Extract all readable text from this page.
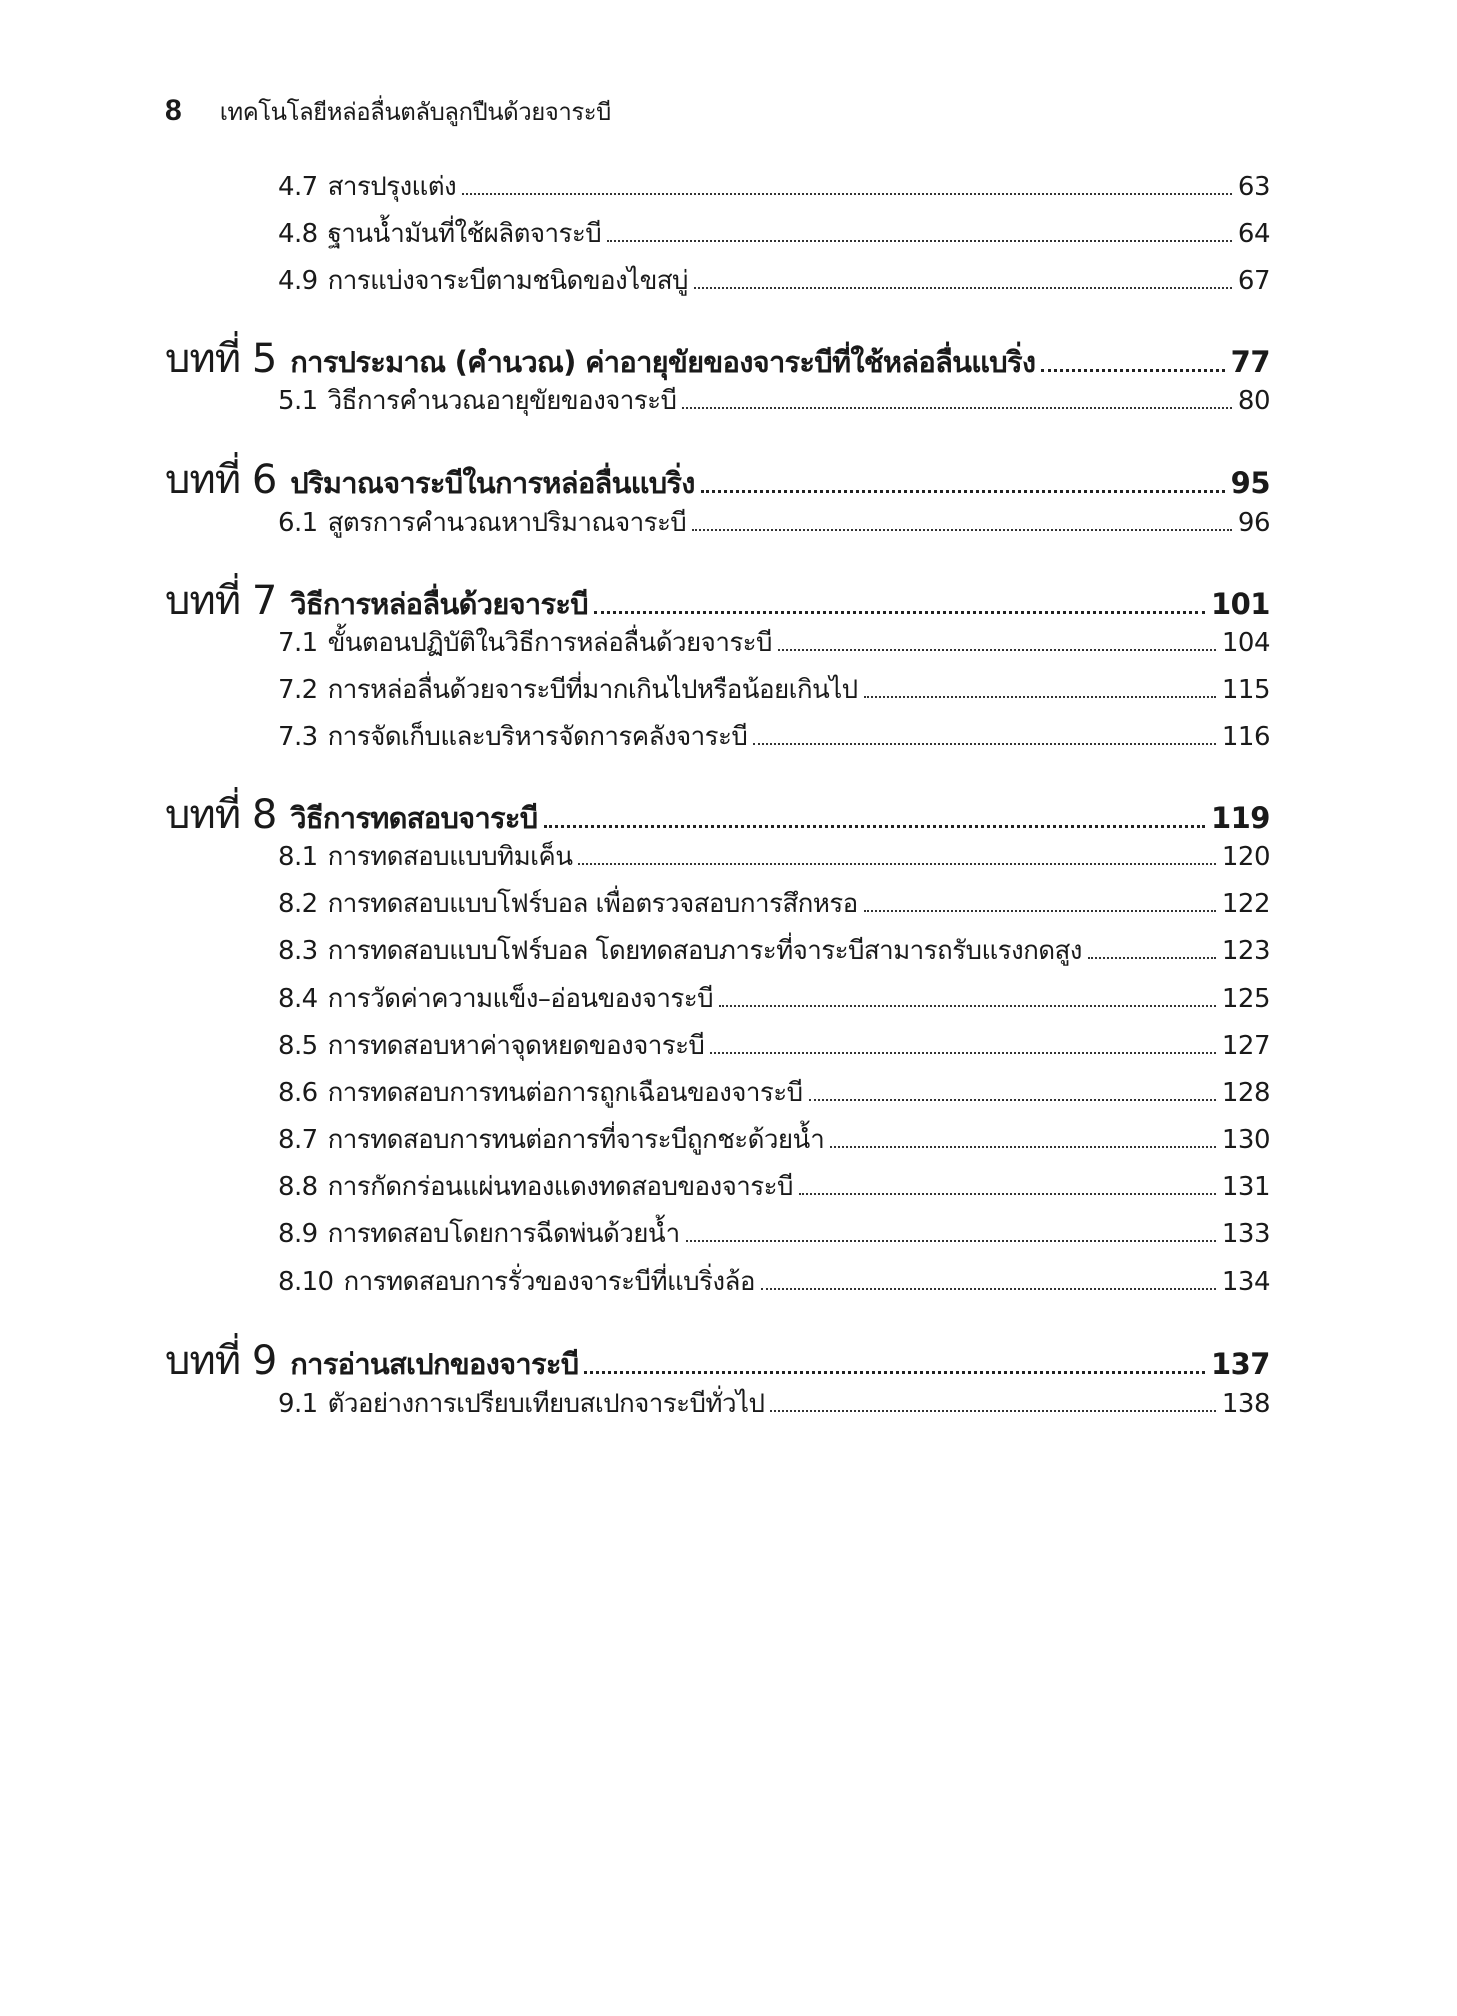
8 เทคโนโลยีหล่อลื่นตลับลูกปืนด้วยจาระบี
4.7 สารปรุงแต่ง	63
4.8 ฐานน้ำมันที่ใช้ผลิตจาระบี	64
4.9 การแบ่งจาระบีตามชนิดของไขสบู่	67
บทที่ 5 การประมาณ (คำนวณ) ค่าอายุขัยของจาระบีที่ใช้หล่อลื่นแบริ่ง	77
5.1 วิธีการคำนวณอายุขัยของจาระบี	80
บทที่ 6 ปริมาณจาระบีในการหล่อลื่นแบริ่ง	95
6.1 สูตรการคำนวณหาปริมาณจาระบี	96
บทที่ 7 วิธีการหล่อลื่นด้วยจาระบี	101
7.1 ขั้นตอนปฏิบัติในวิธีการหล่อลื่นด้วยจาระบี	104
7.2 การหล่อลื่นด้วยจาระบีที่มากเกินไปหรือน้อยเกินไป	115
7.3 การจัดเก็บและบริหารจัดการคลังจาระบี	116
บทที่ 8 วิธีการทดสอบจาระบี	119
8.1 การทดสอบแบบทิมเค็น	120
8.2 การทดสอบแบบโฟร์บอล เพื่อตรวจสอบการสึกหรอ	122
8.3 การทดสอบแบบโฟร์บอล โดยทดสอบภาระที่จาระบีสามารถรับแรงกดสูง	123
8.4 การวัดค่าความแข็ง–อ่อนของจาระบี	125
8.5 การทดสอบหาค่าจุดหยดของจาระบี	127
8.6 การทดสอบการทนต่อการถูกเฉือนของจาระบี	128
8.7 การทดสอบการทนต่อการที่จาระบีถูกชะด้วยน้ำ	130
8.8 การกัดกร่อนแผ่นทองแดงทดสอบของจาระบี	131
8.9 การทดสอบโดยการฉีดพ่นด้วยน้ำ	133
8.10 การทดสอบการรั่วของจาระบีที่แบริ่งล้อ	134
บทที่ 9 การอ่านสเปกของจาระบี	137
9.1 ตัวอย่างการเปรียบเทียบสเปกจาระบีทั่วไป	138
